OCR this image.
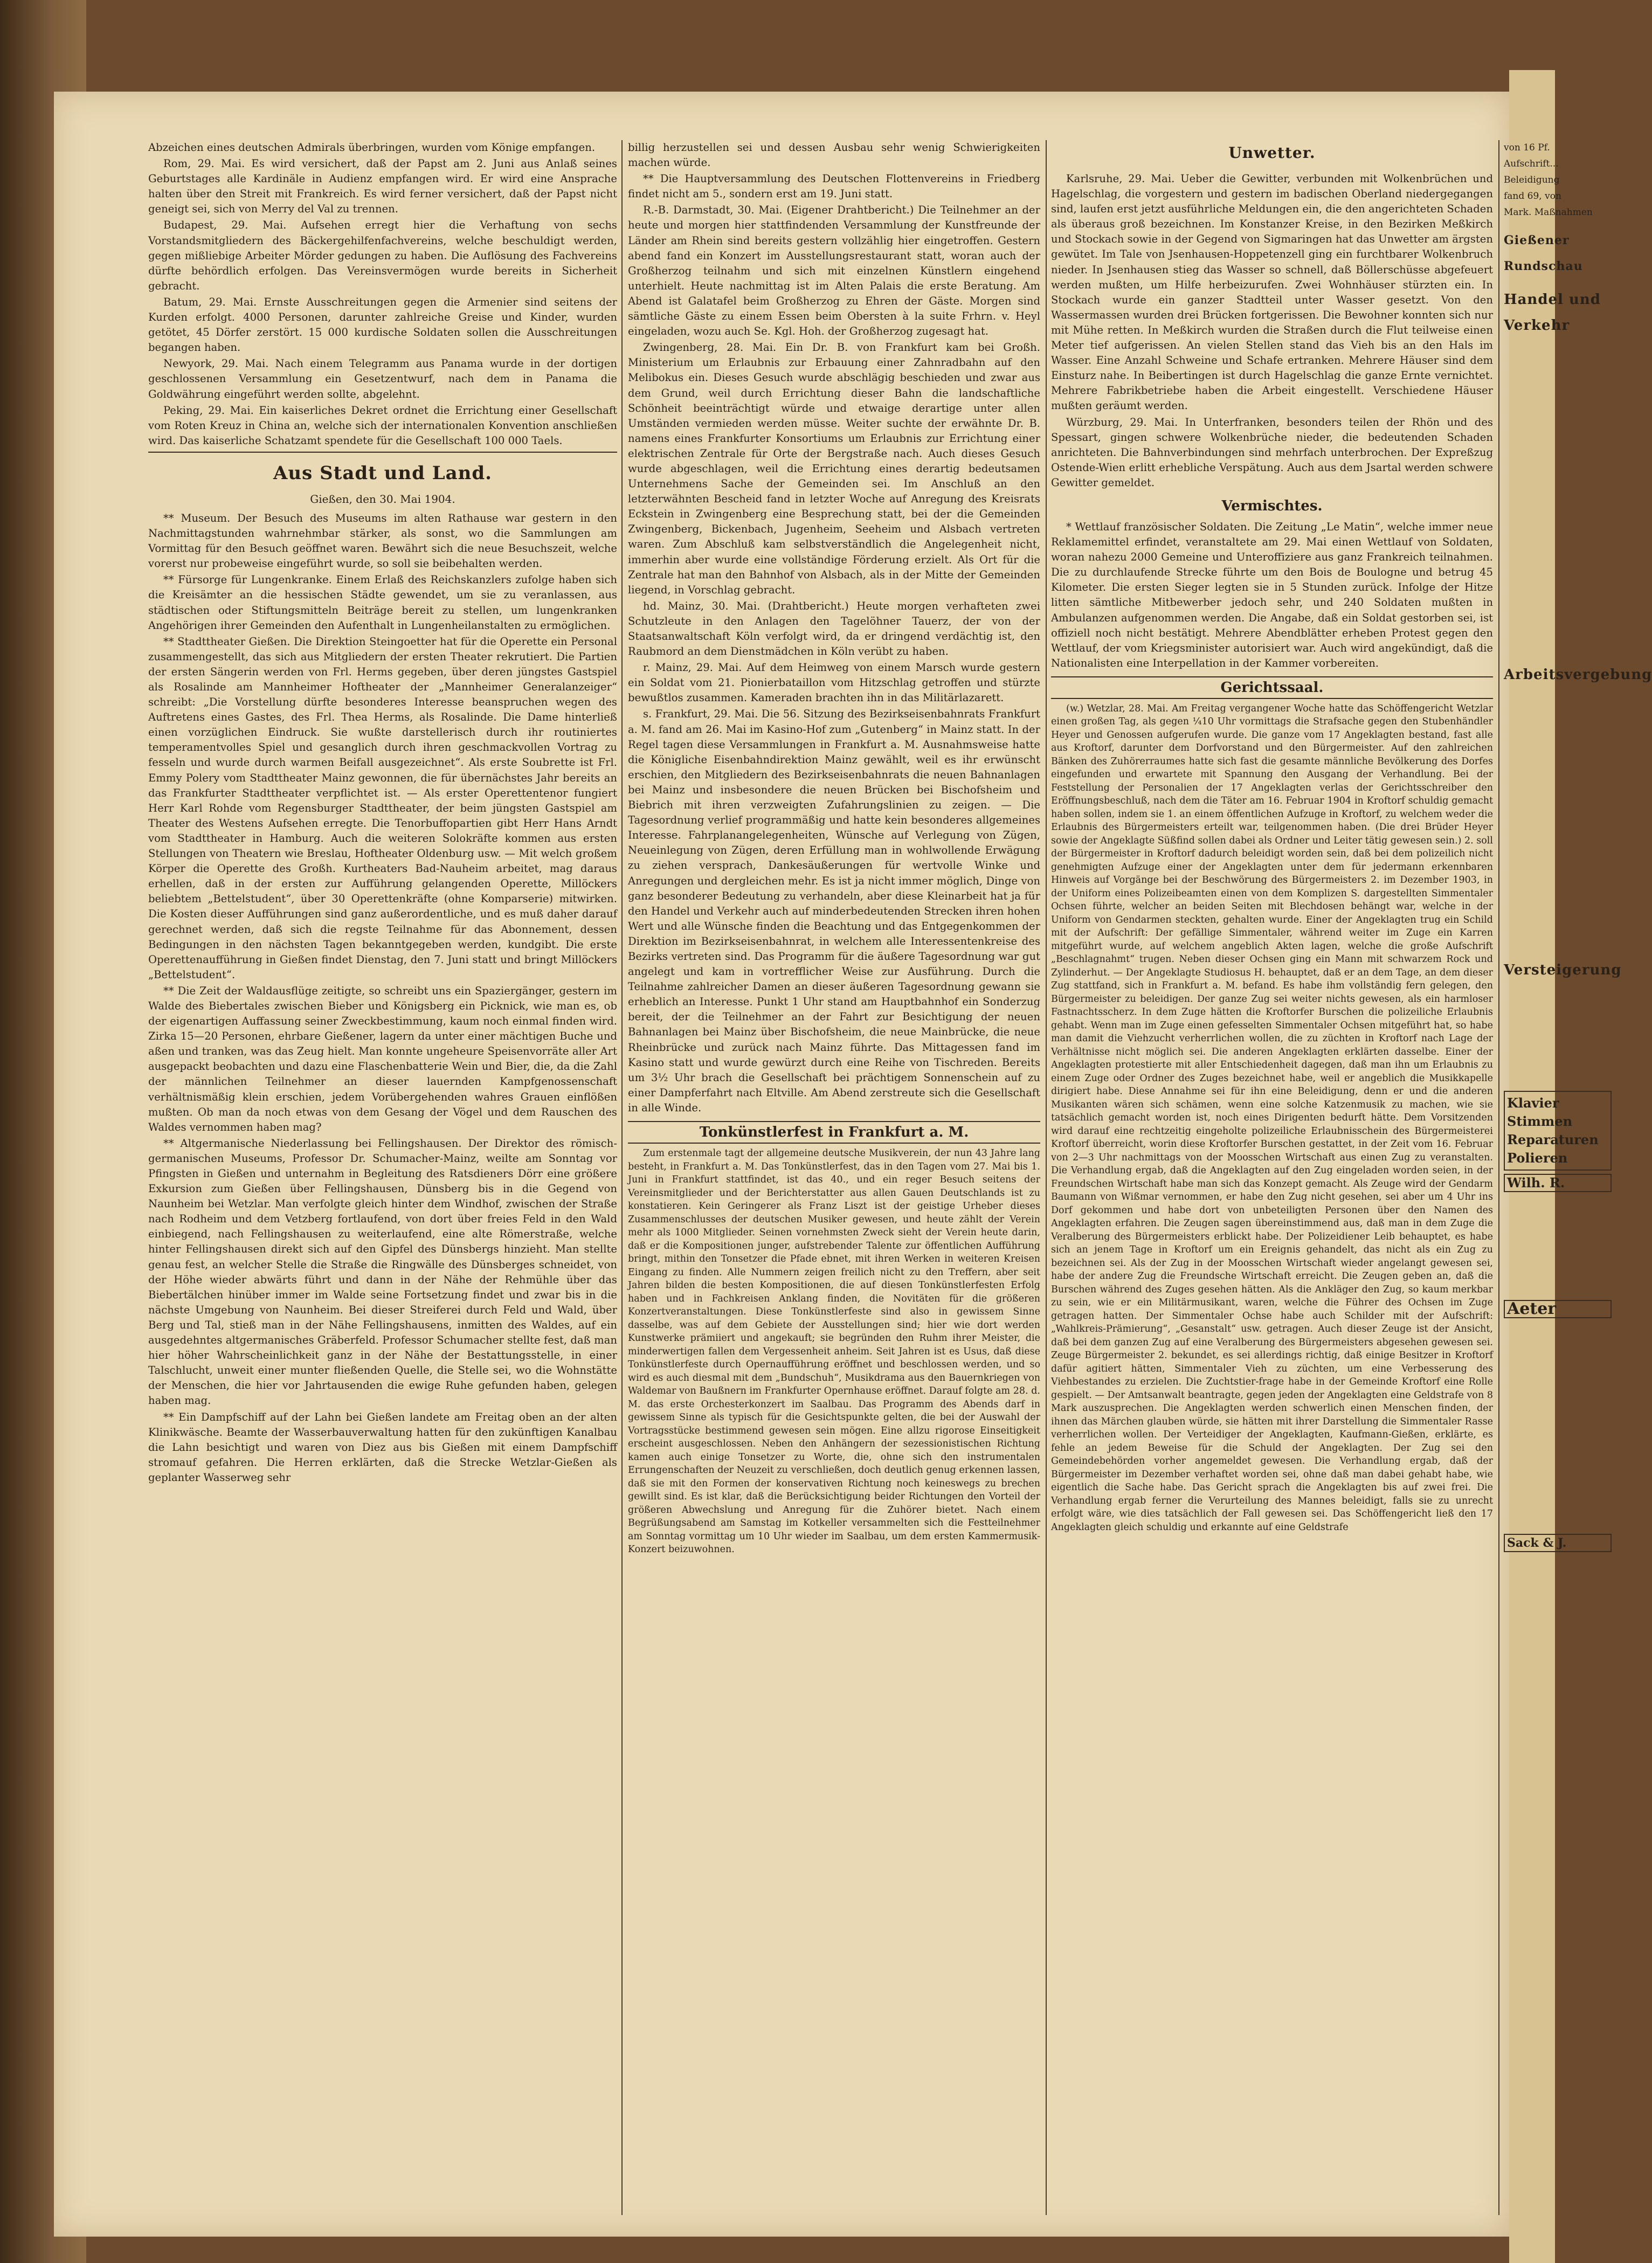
Abzeichen eines deutschen Admirals überbringen, wurden vom Könige empfangen.

Rom, 29. Mai. Es wird versichert, daß der Papst am 2. Juni aus Anlaß seines Geburtstages alle Kardinäle in Audienz empfangen wird. Er wird eine Ansprache halten über den Streit mit Frankreich. Es wird ferner versichert, daß der Papst nicht geneigt sei, sich von Merry del Val zu trennen.

Budapest, 29. Mai. Aufsehen erregt hier die Verhaftung von sechs Vorstandsmitgliedern des Bäckergehilfenfachvereins, welche beschuldigt werden, gegen mißliebige Arbeiter Mörder gedungen zu haben. Die Auflösung des Fachvereins dürfte behördlich erfolgen. Das Vereinsvermögen wurde bereits in Sicherheit gebracht.

Batum, 29. Mai. Ernste Ausschreitungen gegen die Armenier sind seitens der Kurden erfolgt. 4000 Personen, darunter zahlreiche Greise und Kinder, wurden getötet, 45 Dörfer zerstört. 15 000 kurdische Soldaten sollen die Ausschreitungen begangen haben.

Newyork, 29. Mai. Nach einem Telegramm aus Panama wurde in der dortigen geschlossenen Versammlung ein Gesetzentwurf, nach dem in Panama die Goldwährung eingeführt werden sollte, abgelehnt.

Peking, 29. Mai. Ein kaiserliches Dekret ordnet die Errichtung einer Gesellschaft vom Roten Kreuz in China an, welche sich der internationalen Konvention anschließen wird. Das kaiserliche Schatzamt spendete für die Gesellschaft 100 000 Taels.

Aus Stadt und Land.
Gießen, den 30. Mai 1904.

** Museum. Der Besuch des Museums im alten Rathause war gestern in den Nachmittagstunden wahrnehmbar stärker, als sonst, wo die Sammlungen am Vormittag für den Besuch geöffnet waren. Bewährt sich die neue Besuchszeit, welche vorerst nur probeweise eingeführt wurde, so soll sie beibehalten werden.

** Fürsorge für Lungenkranke. Einem Erlaß des Reichskanzlers zufolge haben sich die Kreisämter an die hessischen Städte gewendet, um sie zu veranlassen, aus städtischen oder Stiftungsmitteln Beiträge bereit zu stellen, um lungenkranken Angehörigen ihrer Gemeinden den Aufenthalt in Lungenheilanstalten zu ermöglichen.

** Stadttheater Gießen. Die Direktion Steingoetter hat für die Operette ein Personal zusammengestellt, das sich aus Mitgliedern der ersten Theater rekrutiert. Die Partien der ersten Sängerin werden von Frl. Herms gegeben, über deren jüngstes Gastspiel als Rosalinde am Mannheimer Hoftheater der „Mannheimer Generalanzeiger“ schreibt: „Die Vorstellung dürfte besonderes Interesse beanspruchen wegen des Auftretens eines Gastes, des Frl. Thea Herms, als Rosalinde. Die Dame hinterließ einen vorzüglichen Eindruck. Sie wußte darstellerisch durch ihr routiniertes temperamentvolles Spiel und gesanglich durch ihren geschmackvollen Vortrag zu fesseln und wurde durch warmen Beifall ausgezeichnet“. Als erste Soubrette ist Frl. Emmy Polery vom Stadttheater Mainz gewonnen, die für übernächstes Jahr bereits an das Frankfurter Stadttheater verpflichtet ist. — Als erster Operettentenor fungiert Herr Karl Rohde vom Regensburger Stadttheater, der beim jüngsten Gastspiel am Theater des Westens Aufsehen erregte. Die Tenorbuffopartien gibt Herr Hans Arndt vom Stadttheater in Hamburg. Auch die weiteren Solokräfte kommen aus ersten Stellungen von Theatern wie Breslau, Hoftheater Oldenburg usw. — Mit welch großem Körper die Operette des Großh. Kurtheaters Bad-Nauheim arbeitet, mag daraus erhellen, daß in der ersten zur Aufführung gelangenden Operette, Millöckers beliebtem „Bettelstudent“, über 30 Operettenkräfte (ohne Komparserie) mitwirken. Die Kosten dieser Aufführungen sind ganz außerordentliche, und es muß daher darauf gerechnet werden, daß sich die regste Teilnahme für das Abonnement, dessen Bedingungen in den nächsten Tagen bekanntgegeben werden, kundgibt. Die erste Operettenaufführung in Gießen findet Dienstag, den 7. Juni statt und bringt Millöckers „Bettelstudent“.

** Die Zeit der Waldausflüge zeitigte, so schreibt uns ein Spaziergänger, gestern im Walde des Biebertales zwischen Bieber und Königsberg ein Picknick, wie man es, ob der eigenartigen Auffassung seiner Zweckbestimmung, kaum noch einmal finden wird. Zirka 15—20 Personen, ehrbare Gießener, lagern da unter einer mächtigen Buche und aßen und tranken, was das Zeug hielt. Man konnte ungeheure Speisenvorräte aller Art ausgepackt beobachten und dazu eine Flaschenbatterie Wein und Bier, die, da die Zahl der männlichen Teilnehmer an dieser lauernden Kampfgenossenschaft verhältnismäßig klein erschien, jedem Vorübergehenden wahres Grauen einflößen mußten. Ob man da noch etwas von dem Gesang der Vögel und dem Rauschen des Waldes vernommen haben mag?

** Altgermanische Niederlassung bei Fellingshausen. Der Direktor des römisch-germanischen Museums, Professor Dr. Schumacher-Mainz, weilte am Sonntag vor Pfingsten in Gießen und unternahm in Begleitung des Ratsdieners Dörr eine größere Exkursion zum Gießen über Fellingshausen, Dünsberg bis in die Gegend von Naunheim bei Wetzlar. Man verfolgte gleich hinter dem Windhof, zwischen der Straße nach Rodheim und dem Vetzberg fortlaufend, von dort über freies Feld in den Wald einbiegend, nach Fellingshausen zu weiterlaufend, eine alte Römerstraße, welche hinter Fellingshausen direkt sich auf den Gipfel des Dünsbergs hinzieht. Man stellte genau fest, an welcher Stelle die Straße die Ringwälle des Dünsberges schneidet, von der Höhe wieder abwärts führt und dann in der Nähe der Rehmühle über das Biebertälchen hinüber immer im Walde seine Fortsetzung findet und zwar bis in die nächste Umgebung von Naunheim. Bei dieser Streiferei durch Feld und Wald, über Berg und Tal, stieß man in der Nähe Fellingshausens, inmitten des Waldes, auf ein ausgedehntes altgermanisches Gräberfeld. Professor Schumacher stellte fest, daß man hier höher Wahrscheinlichkeit ganz in der Nähe der Bestattungsstelle, in einer Talschlucht, unweit einer munter fließenden Quelle, die Stelle sei, wo die Wohnstätte der Menschen, die hier vor Jahrtausenden die ewige Ruhe gefunden haben, gelegen haben mag.

** Ein Dampfschiff auf der Lahn bei Gießen landete am Freitag oben an der alten Klinikwäsche. Beamte der Wasserbauverwaltung hatten für den zukünftigen Kanalbau die Lahn besichtigt und waren von Diez aus bis Gießen mit einem Dampfschiff stromauf gefahren. Die Herren erklärten, daß die Strecke Wetzlar-Gießen als geplanter Wasserweg sehr

billig herzustellen sei und dessen Ausbau sehr wenig Schwierigkeiten machen würde.

** Die Hauptversammlung des Deutschen Flottenvereins in Friedberg findet nicht am 5., sondern erst am 19. Juni statt.

R.-B. Darmstadt, 30. Mai. (Eigener Drahtbericht.) Die Teilnehmer an der heute und morgen hier stattfindenden Versammlung der Kunstfreunde der Länder am Rhein sind bereits gestern vollzählig hier eingetroffen. Gestern abend fand ein Konzert im Ausstellungsrestaurant statt, woran auch der Großherzog teilnahm und sich mit einzelnen Künstlern eingehend unterhielt. Heute nachmittag ist im Alten Palais die erste Beratung. Am Abend ist Galatafel beim Großherzog zu Ehren der Gäste. Morgen sind sämtliche Gäste zu einem Essen beim Obersten à la suite Frhrn. v. Heyl eingeladen, wozu auch Se. Kgl. Hoh. der Großherzog zugesagt hat.

Zwingenberg, 28. Mai. Ein Dr. B. von Frankfurt kam bei Großh. Ministerium um Erlaubnis zur Erbauung einer Zahnradbahn auf den Melibokus ein. Dieses Gesuch wurde abschlägig beschieden und zwar aus dem Grund, weil durch Errichtung dieser Bahn die landschaftliche Schönheit beeinträchtigt würde und etwaige derartige unter allen Umständen vermieden werden müsse. Weiter suchte der erwähnte Dr. B. namens eines Frankfurter Konsortiums um Erlaubnis zur Errichtung einer elektrischen Zentrale für Orte der Bergstraße nach. Auch dieses Gesuch wurde abgeschlagen, weil die Errichtung eines derartig bedeutsamen Unternehmens Sache der Gemeinden sei. Im Anschluß an den letzterwähnten Bescheid fand in letzter Woche auf Anregung des Kreisrats Eckstein in Zwingenberg eine Besprechung statt, bei der die Gemeinden Zwingenberg, Bickenbach, Jugenheim, Seeheim und Alsbach vertreten waren. Zum Abschluß kam selbstverständlich die Angelegenheit nicht, immerhin aber wurde eine vollständige Förderung erzielt. Als Ort für die Zentrale hat man den Bahnhof von Alsbach, als in der Mitte der Gemeinden liegend, in Vorschlag gebracht.

hd. Mainz, 30. Mai. (Drahtbericht.) Heute morgen verhafteten zwei Schutzleute in den Anlagen den Tagelöhner Tauerz, der von der Staatsanwaltschaft Köln verfolgt wird, da er dringend verdächtig ist, den Raubmord an dem Dienstmädchen in Köln verübt zu haben.

r. Mainz, 29. Mai. Auf dem Heimweg von einem Marsch wurde gestern ein Soldat vom 21. Pionierbataillon vom Hitzschlag getroffen und stürzte bewußtlos zusammen. Kameraden brachten ihn in das Militärlazarett.

s. Frankfurt, 29. Mai. Die 56. Sitzung des Bezirkseisenbahnrats Frankfurt a. M. fand am 26. Mai im Kasino-Hof zum „Gutenberg“ in Mainz statt. In der Regel tagen diese Versammlungen in Frankfurt a. M. Ausnahmsweise hatte die Königliche Eisenbahndirektion Mainz gewählt, weil es ihr erwünscht erschien, den Mitgliedern des Bezirkseisenbahnrats die neuen Bahnanlagen bei Mainz und insbesondere die neuen Brücken bei Bischofsheim und Biebrich mit ihren verzweigten Zufahrungslinien zu zeigen. — Die Tagesordnung verlief programmäßig und hatte kein besonderes allgemeines Interesse. Fahrplanangelegenheiten, Wünsche auf Verlegung von Zügen, Neueinlegung von Zügen, deren Erfüllung man in wohlwollende Erwägung zu ziehen versprach, Dankesäußerungen für wertvolle Winke und Anregungen und dergleichen mehr. Es ist ja nicht immer möglich, Dinge von ganz besonderer Bedeutung zu verhandeln, aber diese Kleinarbeit hat ja für den Handel und Verkehr auch auf minderbedeutenden Strecken ihren hohen Wert und alle Wünsche finden die Beachtung und das Entgegenkommen der Direktion im Bezirkseisenbahnrat, in welchem alle Interessentenkreise des Bezirks vertreten sind. Das Programm für die äußere Tagesordnung war gut angelegt und kam in vortrefflicher Weise zur Ausführung. Durch die Teilnahme zahlreicher Damen an dieser äußeren Tagesordnung gewann sie erheblich an Interesse. Punkt 1 Uhr stand am Hauptbahnhof ein Sonderzug bereit, der die Teilnehmer an der Fahrt zur Besichtigung der neuen Bahnanlagen bei Mainz über Bischofsheim, die neue Mainbrücke, die neue Rheinbrücke und zurück nach Mainz führte. Das Mittagessen fand im Kasino statt und wurde gewürzt durch eine Reihe von Tischreden. Bereits um 3½ Uhr brach die Gesellschaft bei prächtigem Sonnenschein auf zu einer Dampferfahrt nach Eltville. Am Abend zerstreute sich die Gesellschaft in alle Winde.

Tonkünstlerfest in Frankfurt a. M.

Zum erstenmale tagt der allgemeine deutsche Musikverein, der nun 43 Jahre lang besteht, in Frankfurt a. M. Das Tonkünstlerfest, das in den Tagen vom 27. Mai bis 1. Juni in Frankfurt stattfindet, ist das 40., und ein reger Besuch seitens der Vereinsmitglieder und der Berichterstatter aus allen Gauen Deutschlands ist zu konstatieren. Kein Geringerer als Franz Liszt ist der geistige Urheber dieses Zusammenschlusses der deutschen Musiker gewesen, und heute zählt der Verein mehr als 1000 Mitglieder. Seinen vornehmsten Zweck sieht der Verein heute darin, daß er die Kompositionen junger, aufstrebender Talente zur öffentlichen Aufführung bringt, mithin den Tonsetzer die Pfade ebnet, mit ihren Werken in weiteren Kreisen Eingang zu finden. Alle Nummern zeigen freilich nicht zu den Treffern, aber seit Jahren bilden die besten Kompositionen, die auf diesen Tonkünstlerfesten Erfolg haben und in Fachkreisen Anklang finden, die Novitäten für die größeren Konzertveranstaltungen. Diese Tonkünstlerfeste sind also in gewissem Sinne dasselbe, was auf dem Gebiete der Ausstellungen sind; hier wie dort werden Kunstwerke prämiiert und angekauft; sie begründen den Ruhm ihrer Meister, die minderwertigen fallen dem Vergessenheit anheim. Seit Jahren ist es Usus, daß diese Tonkünstlerfeste durch Opernaufführung eröffnet und beschlossen werden, und so wird es auch diesmal mit dem „Bundschuh“, Musikdrama aus den Bauernkriegen von Waldemar von Baußnern im Frankfurter Opernhause eröffnet. Darauf folgte am 28. d. M. das erste Orchesterkonzert im Saalbau. Das Programm des Abends darf in gewissem Sinne als typisch für die Gesichtspunkte gelten, die bei der Auswahl der Vortragsstücke bestimmend gewesen sein mögen. Eine allzu rigorose Einseitigkeit erscheint ausgeschlossen. Neben den Anhängern der sezessionistischen Richtung kamen auch einige Tonsetzer zu Worte, die, ohne sich den instrumentalen Errungenschaften der Neuzeit zu verschließen, doch deutlich genug erkennen lassen, daß sie mit den Formen der konservativen Richtung noch keineswegs zu brechen gewillt sind. Es ist klar, daß die Berücksichtigung beider Richtungen den Vorteil der größeren Abwechslung und Anregung für die Zuhörer bietet. Nach einem Begrüßungsabend am Samstag im Kotkeller versammelten sich die Festteilnehmer am Sonntag vormittag um 10 Uhr wieder im Saalbau, um dem ersten Kammermusik-Konzert beizuwohnen.

Unwetter.

Karlsruhe, 29. Mai. Ueber die Gewitter, verbunden mit Wolkenbrüchen und Hagelschlag, die vorgestern und gestern im badischen Oberland niedergegangen sind, laufen erst jetzt ausführliche Meldungen ein, die den angerichteten Schaden als überaus groß bezeichnen. Im Konstanzer Kreise, in den Bezirken Meßkirch und Stockach sowie in der Gegend von Sigmaringen hat das Unwetter am ärgsten gewütet. Im Tale von Jsenhausen-Hoppetenzell ging ein furchtbarer Wolkenbruch nieder. In Jsenhausen stieg das Wasser so schnell, daß Böllerschüsse abgefeuert werden mußten, um Hilfe herbeizurufen. Zwei Wohnhäuser stürzten ein. In Stockach wurde ein ganzer Stadtteil unter Wasser gesetzt. Von den Wassermassen wurden drei Brücken fortgerissen. Die Bewohner konnten sich nur mit Mühe retten. In Meßkirch wurden die Straßen durch die Flut teilweise einen Meter tief aufgerissen. An vielen Stellen stand das Vieh bis an den Hals im Wasser. Eine Anzahl Schweine und Schafe ertranken. Mehrere Häuser sind dem Einsturz nahe. In Beibertingen ist durch Hagelschlag die ganze Ernte vernichtet. Mehrere Fabrikbetriebe haben die Arbeit eingestellt. Verschiedene Häuser mußten geräumt werden.

Würzburg, 29. Mai. In Unterfranken, besonders teilen der Rhön und des Spessart, gingen schwere Wolkenbrüche nieder, die bedeutenden Schaden anrichteten. Die Bahnverbindungen sind mehrfach unterbrochen. Der Expreßzug Ostende-Wien erlitt erhebliche Verspätung. Auch aus dem Jsartal werden schwere Gewitter gemeldet.

Vermischtes.

* Wettlauf französischer Soldaten. Die Zeitung „Le Matin“, welche immer neue Reklamemittel erfindet, veranstaltete am 29. Mai einen Wettlauf von Soldaten, woran nahezu 2000 Gemeine und Unteroffiziere aus ganz Frankreich teilnahmen. Die zu durchlaufende Strecke führte um den Bois de Boulogne und betrug 45 Kilometer. Die ersten Sieger legten sie in 5 Stunden zurück. Infolge der Hitze litten sämtliche Mitbewerber jedoch sehr, und 240 Soldaten mußten in Ambulanzen aufgenommen werden. Die Angabe, daß ein Soldat gestorben sei, ist offiziell noch nicht bestätigt. Mehrere Abendblätter erheben Protest gegen den Wettlauf, der vom Kriegsminister autorisiert war. Auch wird angekündigt, daß die Nationalisten eine Interpellation in der Kammer vorbereiten.

Gerichtssaal.

(w.) Wetzlar, 28. Mai. Am Freitag vergangener Woche hatte das Schöffengericht Wetzlar einen großen Tag, als gegen ¼10 Uhr vormittags die Strafsache gegen den Stubenhändler Heyer und Genossen aufgerufen wurde. Die ganze vom 17 Angeklagten bestand, fast alle aus Kroftorf, darunter dem Dorfvorstand und den Bürgermeister. Auf den zahlreichen Bänken des Zuhörerraumes hatte sich fast die gesamte männliche Bevölkerung des Dorfes eingefunden und erwartete mit Spannung den Ausgang der Verhandlung. Bei der Feststellung der Personalien der 17 Angeklagten verlas der Gerichtsschreiber den Eröffnungsbeschluß, nach dem die Täter am 16. Februar 1904 in Kroftorf schuldig gemacht haben sollen, indem sie 1. an einem öffentlichen Aufzuge in Kroftorf, zu welchem weder die Erlaubnis des Bürgermeisters erteilt war, teilgenommen haben. (Die drei Brüder Heyer sowie der Angeklagte Süßfind sollen dabei als Ordner und Leiter tätig gewesen sein.) 2. soll der Bürgermeister in Kroftorf dadurch beleidigt worden sein, daß bei dem polizeilich nicht genehmigten Aufzuge einer der Angeklagten unter dem für jedermann erkennbaren Hinweis auf Vorgänge bei der Beschwörung des Bürgermeisters 2. im Dezember 1903, in der Uniform eines Polizeibeamten einen von dem Komplizen S. dargestellten Simmentaler Ochsen führte, welcher an beiden Seiten mit Blechdosen behängt war, welche in der Uniform von Gendarmen steckten, gehalten wurde. Einer der Angeklagten trug ein Schild mit der Aufschrift: Der gefällige Simmentaler, während weiter im Zuge ein Karren mitgeführt wurde, auf welchem angeblich Akten lagen, welche die große Aufschrift „Beschlagnahmt“ trugen. Neben dieser Ochsen ging ein Mann mit schwarzem Rock und Zylinderhut. — Der Angeklagte Studiosus H. behauptet, daß er an dem Tage, an dem dieser Zug stattfand, sich in Frankfurt a. M. befand. Es habe ihm vollständig fern gelegen, den Bürgermeister zu beleidigen. Der ganze Zug sei weiter nichts gewesen, als ein harmloser Fastnachtsscherz. In dem Zuge hätten die Kroftorfer Burschen die polizeiliche Erlaubnis gehabt. Wenn man im Zuge einen gefesselten Simmentaler Ochsen mitgeführt hat, so habe man damit die Viehzucht verherrlichen wollen, die zu züchten in Kroftorf nach Lage der Verhältnisse nicht möglich sei. Die anderen Angeklagten erklärten dasselbe. Einer der Angeklagten protestierte mit aller Entschiedenheit dagegen, daß man ihn um Erlaubnis zu einem Zuge oder Ordner des Zuges bezeichnet habe, weil er angeblich die Musikkapelle dirigiert habe. Diese Annahme sei für ihn eine Beleidigung, denn er und die anderen Musikanten wären sich schämen, wenn eine solche Katzenmusik zu machen, wie sie tatsächlich gemacht worden ist, noch eines Dirigenten bedurft hätte. Dem Vorsitzenden wird darauf eine rechtzeitig eingeholte polizeiliche Erlaubnisschein des Bürgermeisterei Kroftorf überreicht, worin diese Kroftorfer Burschen gestattet, in der Zeit vom 16. Februar von 2—3 Uhr nachmittags von der Moosschen Wirtschaft aus einen Zug zu veranstalten. Die Verhandlung ergab, daß die Angeklagten auf den Zug eingeladen worden seien, in der Freundschen Wirtschaft habe man sich das Konzept gemacht. Als Zeuge wird der Gendarm Baumann von Wißmar vernommen, er habe den Zug nicht gesehen, sei aber um 4 Uhr ins Dorf gekommen und habe dort von unbeteiligten Personen über den Namen des Angeklagten erfahren. Die Zeugen sagen übereinstimmend aus, daß man in dem Zuge die Veralberung des Bürgermeisters erblickt habe. Der Polizeidiener Leib behauptet, es habe sich an jenem Tage in Kroftorf um ein Ereignis gehandelt, das nicht als ein Zug zu bezeichnen sei. Als der Zug in der Moosschen Wirtschaft wieder angelangt gewesen sei, habe der andere Zug die Freundsche Wirtschaft erreicht. Die Zeugen geben an, daß die Burschen während des Zuges gesehen hätten. Als die Ankläger den Zug, so kaum merkbar zu sein, wie er ein Militärmusikant, waren, welche die Führer des Ochsen im Zuge getragen hatten. Der Simmentaler Ochse habe auch Schilder mit der Aufschrift: „Wahlkreis-Prämierung“, „Gesanstalt“ usw. getragen. Auch dieser Zeuge ist der Ansicht, daß bei dem ganzen Zug auf eine Veralberung des Bürgermeisters abgesehen gewesen sei. Zeuge Bürgermeister 2. bekundet, es sei allerdings richtig, daß einige Besitzer in Kroftorf dafür agitiert hätten, Simmentaler Vieh zu züchten, um eine Verbesserung des Viehbestandes zu erzielen. Die Zuchtstier-frage habe in der Gemeinde Kroftorf eine Rolle gespielt. — Der Amtsanwalt beantragte, gegen jeden der Angeklagten eine Geldstrafe von 8 Mark auszusprechen. Die Angeklagten werden schwerlich einen Menschen finden, der ihnen das Märchen glauben würde, sie hätten mit ihrer Darstellung die Simmentaler Rasse verherrlichen wollen. Der Verteidiger der Angeklagten, Kaufmann-Gießen, erklärte, es fehle an jedem Beweise für die Schuld der Angeklagten. Der Zug sei den Gemeindebehörden vorher angemeldet gewesen. Die Verhandlung ergab, daß der Bürgermeister im Dezember verhaftet worden sei, ohne daß man dabei gehabt habe, wie eigentlich die Sache habe. Das Gericht sprach die Angeklagten bis auf zwei frei. Die Verhandlung ergab ferner die Verurteilung des Mannes beleidigt, falls sie zu unrecht erfolgt wäre, wie dies tatsächlich der Fall gewesen sei. Das Schöffengericht ließ den 17 Angeklagten gleich schuldig und erkannte auf eine Geldstrafe

von 16 Pf.

Aufschrift...

Beleidigung

fand 69, von

Mark. Maßnahmen

Gießener Rundschau
Handel und Verkehr
Arbeitsvergebung
Versteigerung
Klavier Stimmen Reparaturen Polieren
Wilh. R.
Aeter
Sack & J.
